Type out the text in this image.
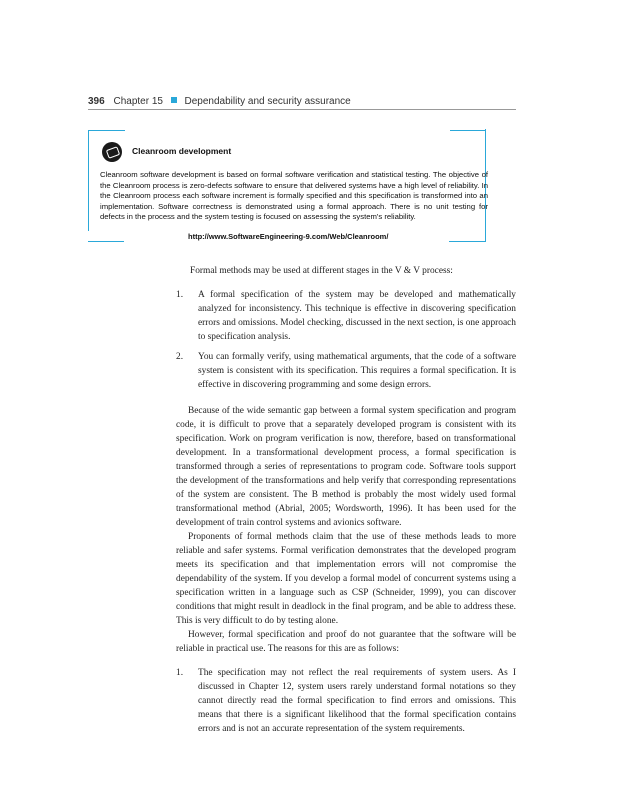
396 Chapter 15 Dependability and security assurance
Cleanroom development

Cleanroom software development is based on formal software verification and statistical testing. The objective of the Cleanroom process is zero-defects software to ensure that delivered systems have a high level of reliability. In the Cleanroom process each software increment is formally specified and this specification is transformed into an implementation. Software correctness is demonstrated using a formal approach. There is no unit testing for defects in the process and the system testing is focused on assessing the system's reliability.

http://www.SoftwareEngineering-9.com/Web/Cleanroom/

Formal methods may be used at different stages in the V & V process:

1. A formal specification of the system may be developed and mathematically analyzed for inconsistency. This technique is effective in discovering specification errors and omissions. Model checking, discussed in the next section, is one approach to specification analysis.
2. You can formally verify, using mathematical arguments, that the code of a software system is consistent with its specification. This requires a formal specification. It is effective in discovering programming and some design errors.

Because of the wide semantic gap between a formal system specification and program code, it is difficult to prove that a separately developed program is consistent with its specification. Work on program verification is now, therefore, based on transformational development. In a transformational development process, a formal specification is transformed through a series of representations to program code. Software tools support the development of the transformations and help verify that corresponding representations of the system are consistent. The B method is probably the most widely used formal transformational method (Abrial, 2005; Wordsworth, 1996). It has been used for the development of train control systems and avionics software.

Proponents of formal methods claim that the use of these methods leads to more reliable and safer systems. Formal verification demonstrates that the developed program meets its specification and that implementation errors will not compromise the dependability of the system. If you develop a formal model of concurrent systems using a specification written in a language such as CSP (Schneider, 1999), you can discover conditions that might result in deadlock in the final program, and be able to address these. This is very difficult to do by testing alone.

However, formal specification and proof do not guarantee that the software will be reliable in practical use. The reasons for this are as follows:

1. The specification may not reflect the real requirements of system users. As I discussed in Chapter 12, system users rarely understand formal notations so they cannot directly read the formal specification to find errors and omissions. This means that there is a significant likelihood that the formal specification contains errors and is not an accurate representation of the system requirements.
